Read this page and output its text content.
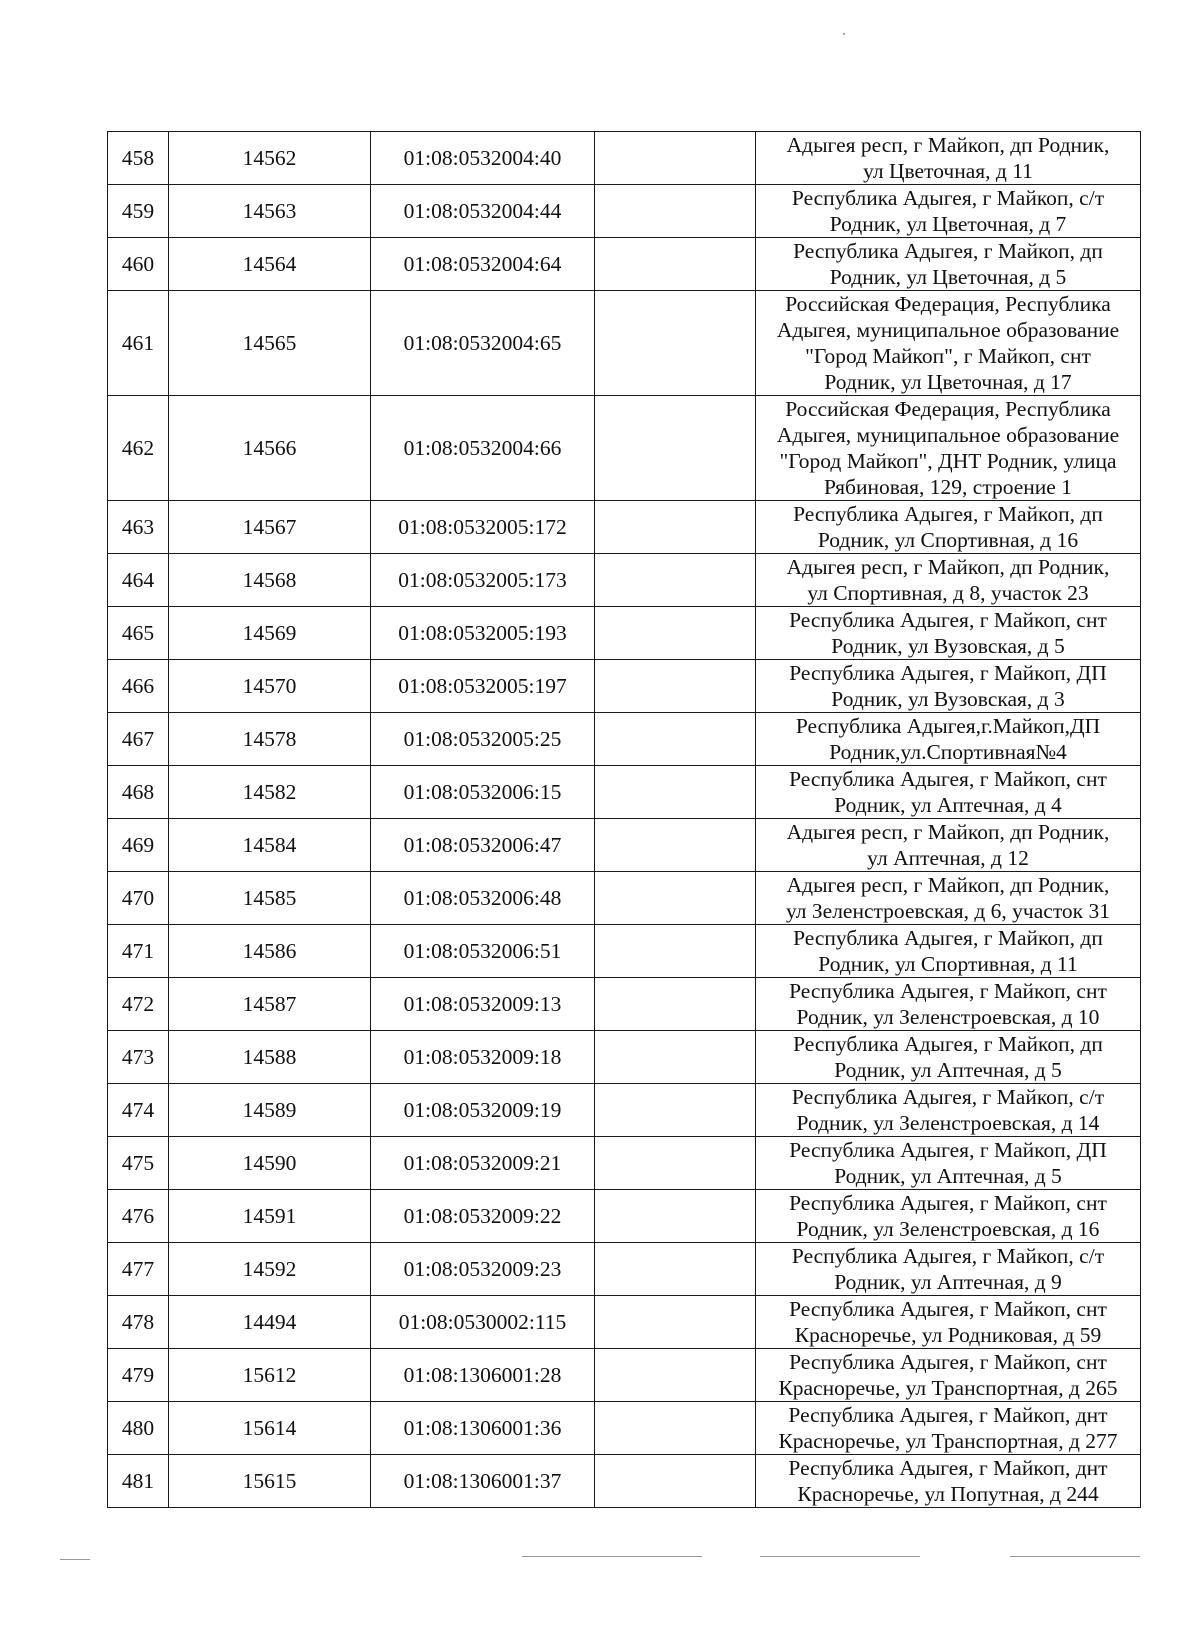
458	14562	01:08:0532004:40		Адыгея респ, г Майкоп, дп Родник,
ул Цветочная, д 11

459	14563	01:08:0532004:44		Республика Адыгея, г Майкоп, с/т
Родник, ул Цветочная, д 7

460	14564	01:08:0532004:64		Республика Адыгея, г Майкоп, дп
Родник, ул Цветочная, д 5

461	14565	01:08:0532004:65		Российская Федерация, Республика
Адыгея, муниципальное образование
"Город Майкоп", г Майкоп, снт
Родник, ул Цветочная, д 17

462	14566	01:08:0532004:66		Российская Федерация, Республика
Адыгея, муниципальное образование
"Город Майкоп", ДНТ Родник, улица
Рябиновая, 129, строение 1

463	14567	01:08:0532005:172		Республика Адыгея, г Майкоп, дп
Родник, ул Спортивная, д 16

464	14568	01:08:0532005:173		Адыгея респ, г Майкоп, дп Родник,
ул Спортивная, д 8, участок 23

465	14569	01:08:0532005:193		Республика Адыгея, г Майкоп, снт
Родник, ул Вузовская, д 5

466	14570	01:08:0532005:197		Республика Адыгея, г Майкоп, ДП
Родник, ул Вузовская, д 3

467	14578	01:08:0532005:25		Республика Адыгея,г.Майкоп,ДП
Родник,ул.Спортивная№4

468	14582	01:08:0532006:15		Республика Адыгея, г Майкоп, снт
Родник, ул Аптечная, д 4

469	14584	01:08:0532006:47		Адыгея респ, г Майкоп, дп Родник,
ул Аптечная, д 12

470	14585	01:08:0532006:48		Адыгея респ, г Майкоп, дп Родник,
ул Зеленстроевская, д 6, участок 31

471	14586	01:08:0532006:51		Республика Адыгея, г Майкоп, дп
Родник, ул Спортивная, д 11

472	14587	01:08:0532009:13		Республика Адыгея, г Майкоп, снт
Родник, ул Зеленстроевская, д 10

473	14588	01:08:0532009:18		Республика Адыгея, г Майкоп, дп
Родник, ул Аптечная, д 5

474	14589	01:08:0532009:19		Республика Адыгея, г Майкоп, с/т
Родник, ул Зеленстроевская, д 14

475	14590	01:08:0532009:21		Республика Адыгея, г Майкоп, ДП
Родник, ул Аптечная, д 5

476	14591	01:08:0532009:22		Республика Адыгея, г Майкоп, снт
Родник, ул Зеленстроевская, д 16

477	14592	01:08:0532009:23		Республика Адыгея, г Майкоп, с/т
Родник, ул Аптечная, д 9

478	14494	01:08:0530002:115		Республика Адыгея, г Майкоп, снт
Красноречье, ул Родниковая, д 59

479	15612	01:08:1306001:28		Республика Адыгея, г Майкоп, снт
Красноречье, ул Транспортная, д 265

480	15614	01:08:1306001:36		Республика Адыгея, г Майкоп, днт
Красноречье, ул Транспортная, д 277

481	15615	01:08:1306001:37		Республика Адыгея, г Майкоп, днт
Красноречье, ул Попутная, д 244
